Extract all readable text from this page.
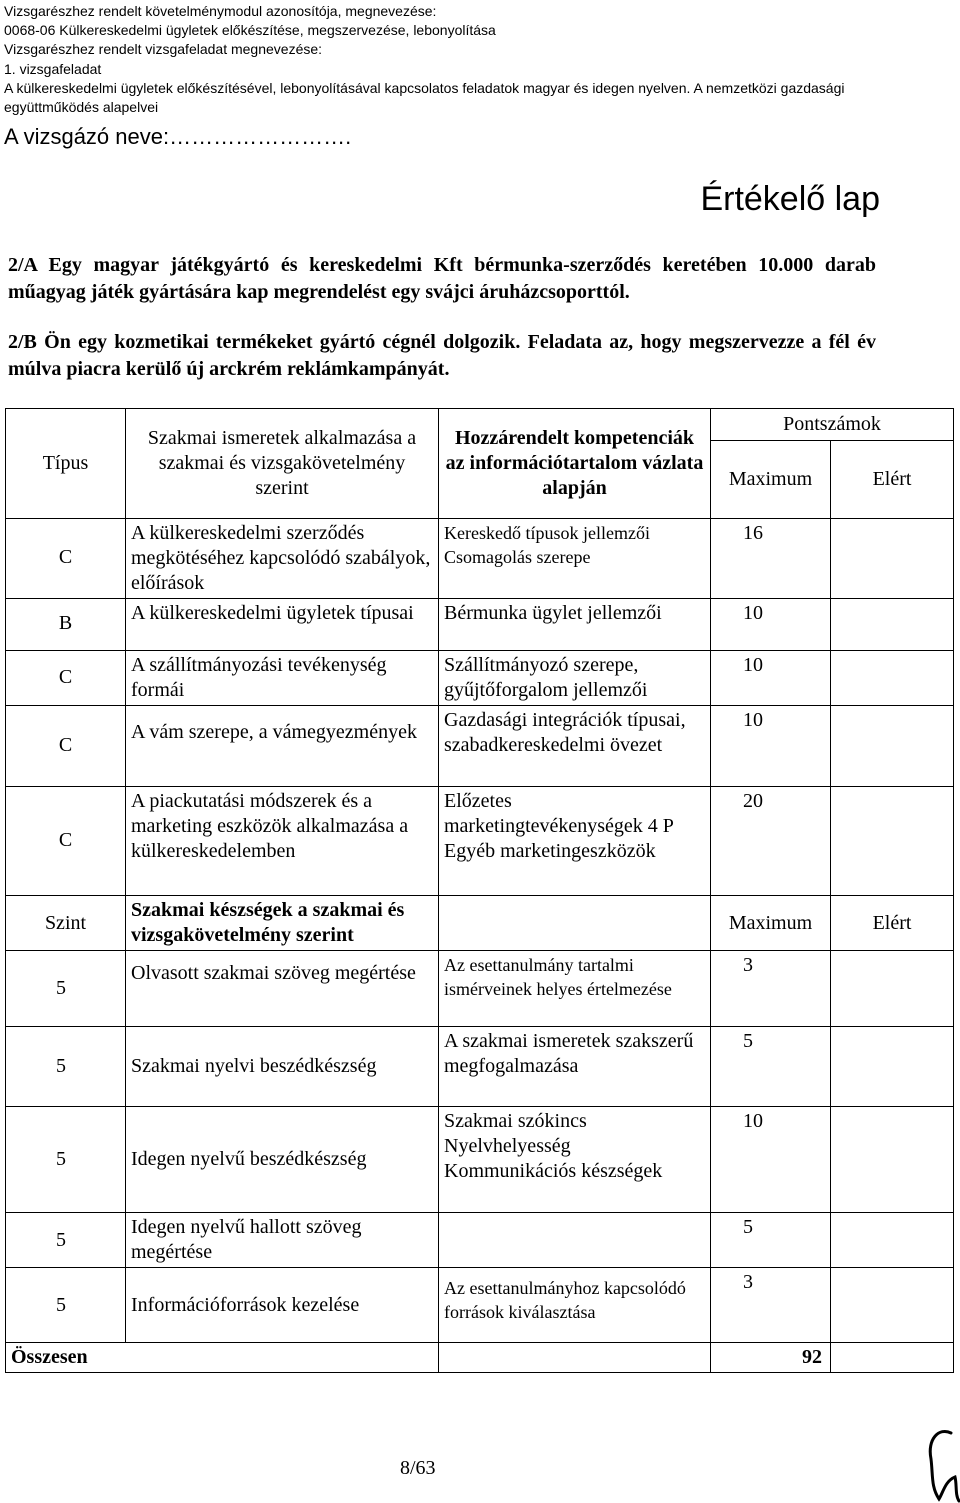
Vizsgarészhez rendelt követelménymodul azonosítója, megnevezése:
0068-06 Külkereskedelmi ügyletek előkészítése, megszervezése, lebonyolítása
Vizsgarészhez rendelt vizsgafeladat megnevezése:
1. vizsgafeladat
A külkereskedelmi ügyletek előkészítésével, lebonyolításával kapcsolatos feladatok magyar és idegen nyelven. A nemzetközi gazdasági
együttműködés alapelvei
A vizsgázó neve:…………………….
Értékelő lap
2/A Egy magyar játékgyártó és kereskedelmi Kft bérmunka-szerződés keretében 10.000 darab műagyag játék gyártására kap megrendelést egy svájci áruházcsoporttól.
2/B Ön egy kozmetikai termékeket gyártó cégnél dolgozik. Feladata az, hogy megszervezze a fél év múlva piacra kerülő új arckrém reklámkampányát.
Típus	Szakmai ismeretek alkalmazása a szakmai és vizsgakövetelmény szerint	Hozzárendelt kompetenciák az információtartalom vázlata alapján	Pontszámok	
			Maximum	Elért
C	A külkereskedelmi szerződés megkötéséhez kapcsolódó szabályok, előírások	Kereskedő típusok jellemzői Csomagolás szerepe	16	
B	A külkereskedelmi ügyletek típusai	Bérmunka ügylet jellemzői	10	
C	A szállítmányozási tevékenység formái	Szállítmányozó szerepe, gyűjtőforgalom jellemzői	10	
C	A vám szerepe, a vámegyezmények	Gazdasági integrációk típusai, szabadkereskedelmi övezet	10	
C	A piackutatási módszerek és a marketing eszközök alkalmazása a külkereskedelemben	Előzetes marketingtevékenységek 4 P Egyéb marketingeszközök	20	
Szint	Szakmai készségek a szakmai és vizsgakövetelmény szerint		Maximum	Elért
5	Olvasott szakmai szöveg megértése	Az esettanulmány tartalmi ismérveinek helyes értelmezése	3	
5	Szakmai nyelvi beszédkészség	A szakmai ismeretek szakszerű megfogalmazása	5	
5	Idegen nyelvű beszédkészség	Szakmai szókincs Nyelvhelyesség Kommunikációs készségek	10	
5	Idegen nyelvű hallott szöveg megértése		5	
5	Információforrások kezelése	Az esettanulmányhoz kapcsolódó források kiválasztása	3	
Összesen			92	
8/63
